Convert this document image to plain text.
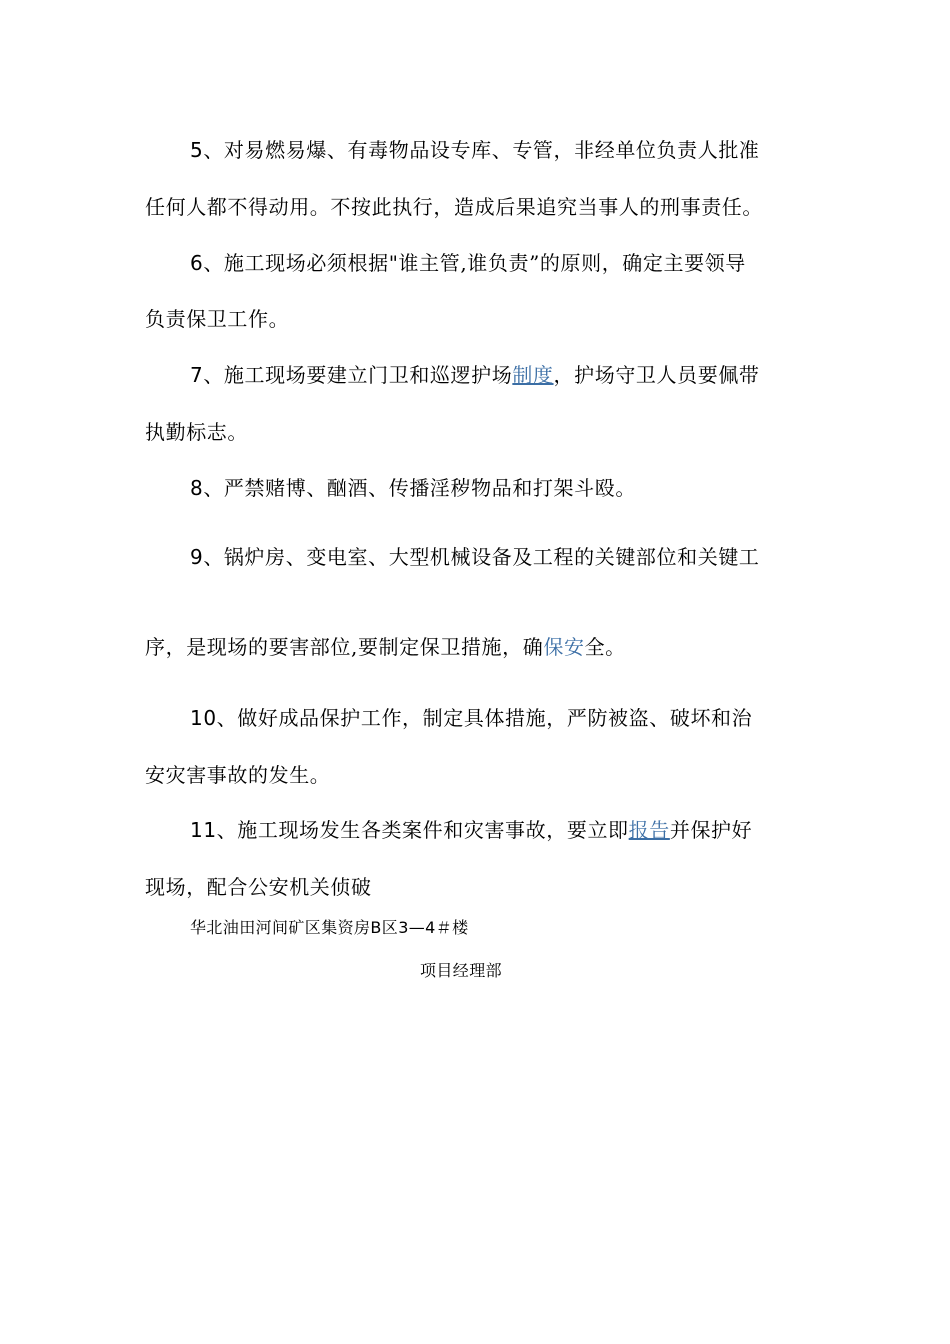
5、对易燃易爆、有毒物品设专库、专管，非经单位负责人批准

任何人都不得动用。不按此执行，造成后果追究当事人的刑事责任。

6、施工现场必须根据"谁主管,谁负责”的原则，确定主要领导

负责保卫工作。

7、施工现场要建立门卫和巡逻护场制度，护场守卫人员要佩带

执勤标志。

8、严禁赌博、酗酒、传播淫秽物品和打架斗殴。

9、锅炉房、变电室、大型机械设备及工程的关键部位和关键工

序，是现场的要害部位,要制定保卫措施，确保安全。

10、做好成品保护工作，制定具体措施，严防被盗、破坏和治

安灾害事故的发生。

11、施工现场发生各类案件和灾害事故，要立即报告并保护好

现场，配合公安机关侦破

华北油田河间矿区集资房B区3—4＃楼

项目经理部
